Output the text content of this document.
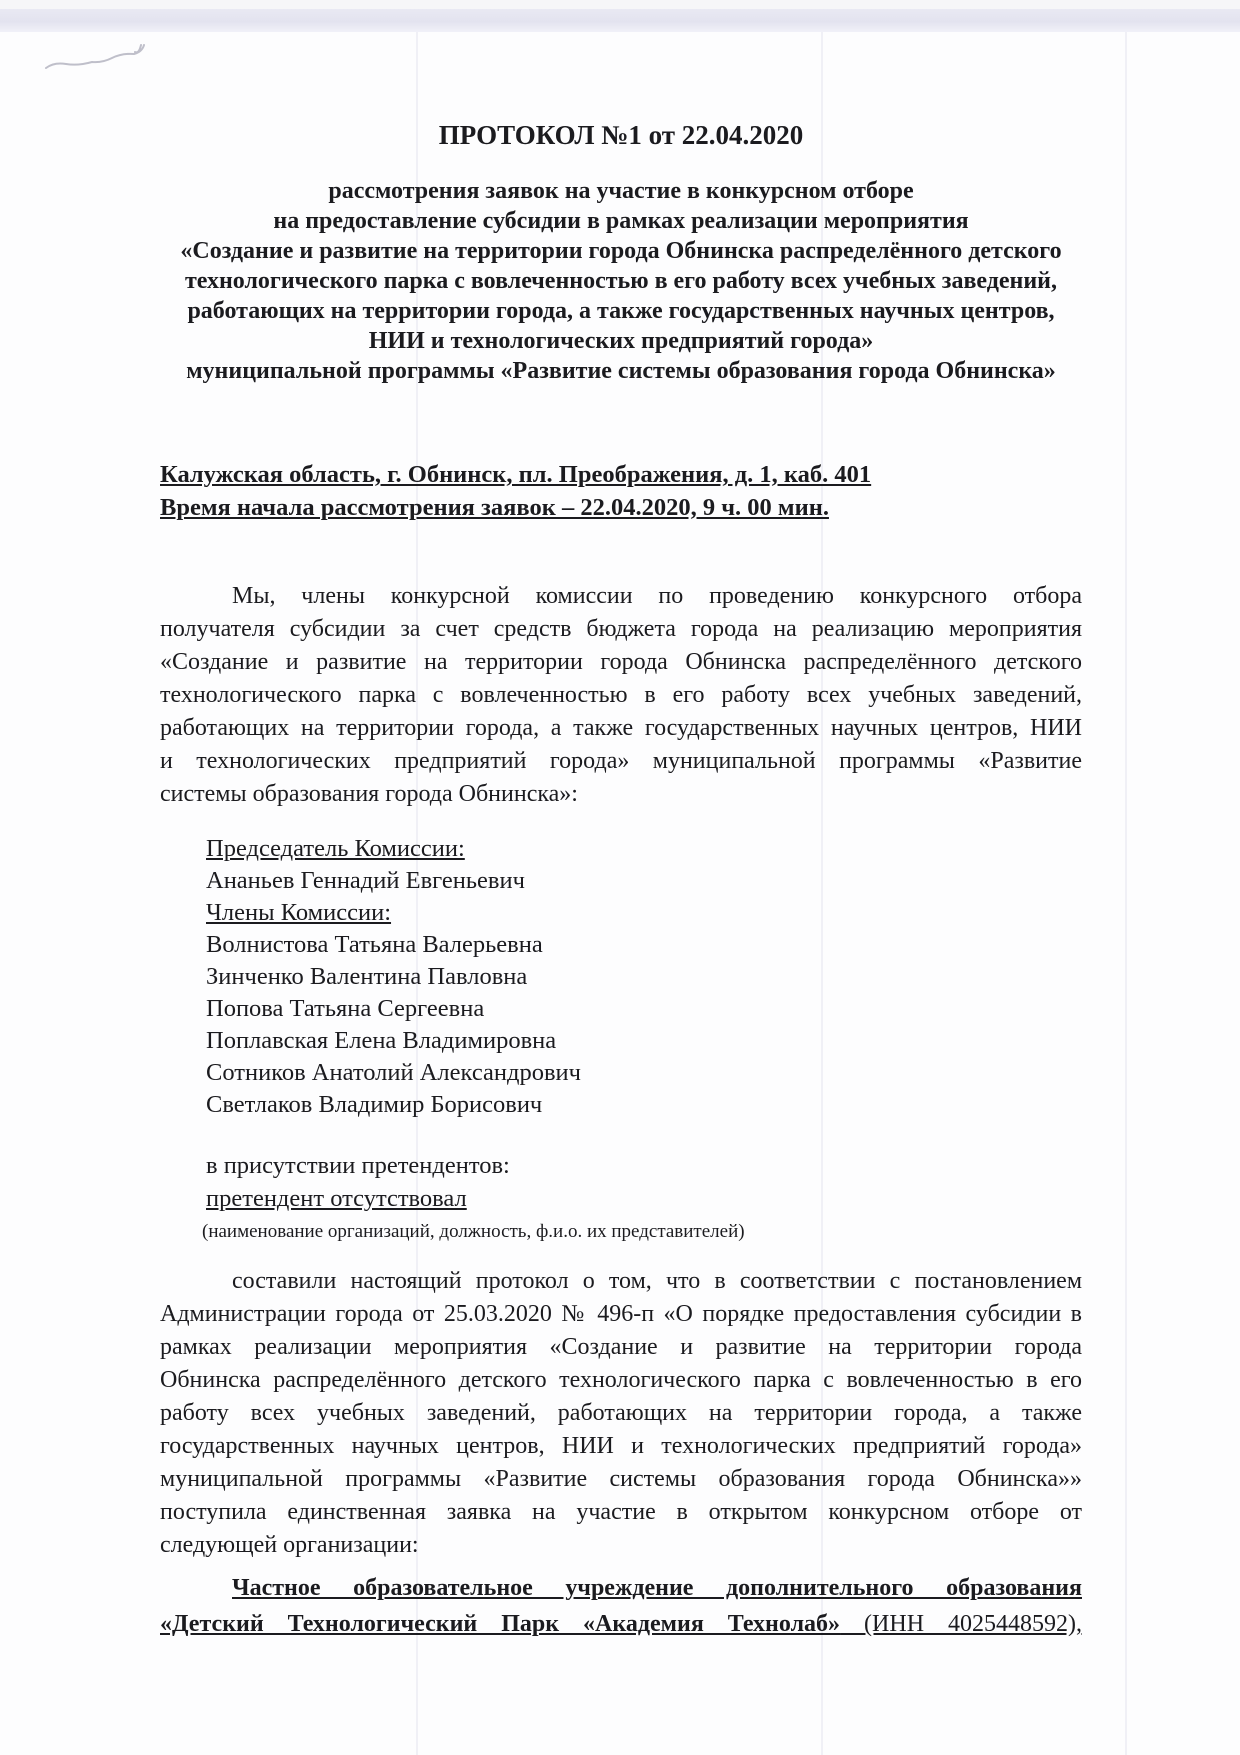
ПРОТОКОЛ №1 от 22.04.2020
рассмотрения заявок на участие в конкурсном отборе
на предоставление субсидии в рамках реализации мероприятия
«Создание и развитие на территории города Обнинска распределённого детского
технологического парка с вовлеченностью в его работу всех учебных заведений,
работающих на территории города, а также государственных научных центров,
НИИ и технологических предприятий города»
муниципальной программы «Развитие системы образования города Обнинска»
Калужская область, г. Обнинск, пл. Преображения, д. 1, каб. 401
Время начала рассмотрения заявок – 22.04.2020, 9 ч. 00 мин.
Мы, члены конкурсной комиссии по проведению конкурсного отбора
получателя субсидии за счет средств бюджета города на реализацию мероприятия
«Создание и развитие на территории города Обнинска распределённого детского
технологического парка с вовлеченностью в его работу всех учебных заведений,
работающих на территории города, а также государственных научных центров, НИИ
и технологических предприятий города» муниципальной программы «Развитие
системы образования города Обнинска»:
Председатель Комиссии:
Ананьев Геннадий Евгеньевич
Члены Комиссии:
Волнистова Татьяна Валерьевна
Зинченко Валентина Павловна
Попова Татьяна Сергеевна
Поплавская Елена Владимировна
Сотников Анатолий Александрович
Светлаков Владимир Борисович
в присутствии претендентов:
претендент отсутствовал
(наименование организаций, должность, ф.и.о. их представителей)
составили настоящий протокол о том, что в соответствии с постановлением
Администрации города от 25.03.2020 № 496-п «О порядке предоставления субсидии в
рамках реализации мероприятия «Создание и развитие на территории города
Обнинска распределённого детского технологического парка с вовлеченностью в его
работу всех учебных заведений, работающих на территории города, а также
государственных научных центров, НИИ и технологических предприятий города»
муниципальной программы «Развитие системы образования города Обнинска»»
поступила единственная заявка на участие в открытом конкурсном отборе от
следующей организации:
Частное образовательное учреждение дополнительного образования
«Детский Технологический Парк «Академия Технолаб» (ИНН 4025448592),
